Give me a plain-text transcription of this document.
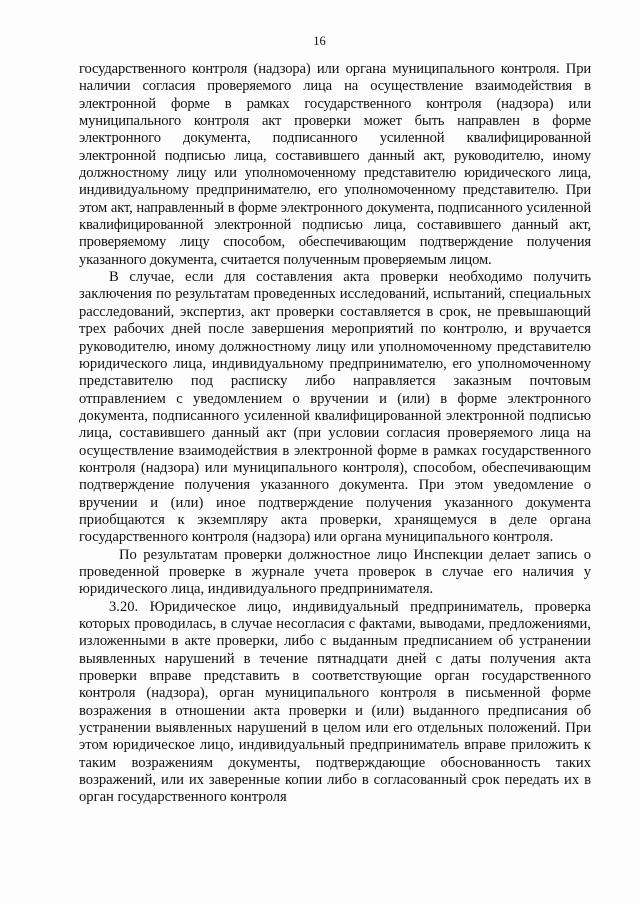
16

государственного контроля (надзора) или органа муниципального контроля. При наличии согласия проверяемого лица на осуществление взаимодействия в электронной форме в рамках государственного контроля (надзора) или муниципального контроля акт проверки может быть направлен в форме электронного документа, подписанного усиленной квалифицированной электронной подписью лица, составившего данный акт, руководителю, иному должностному лицу или уполномоченному представителю юридического лица, индивидуальному предпринимателю, его уполномоченному представителю. При этом акт, направленный в форме электронного документа, подписанного усиленной квалифицированной электронной подписью лица, составившего данный акт, проверяемому лицу способом, обеспечивающим подтверждение получения указанного документа, считается полученным проверяемым лицом.

В случае, если для составления акта проверки необходимо получить заключения по результатам проведенных исследований, испытаний, специальных расследований, экспертиз, акт проверки составляется в срок, не превышающий трех рабочих дней после завершения мероприятий по контролю, и вручается руководителю, иному должностному лицу или уполномоченному представителю юридического лица, индивидуальному предпринимателю, его уполномоченному представителю под расписку либо направляется заказным почтовым отправлением с уведомлением о вручении и (или) в форме электронного документа, подписанного усиленной квалифицированной электронной подписью лица, составившего данный акт (при условии согласия проверяемого лица на осуществление взаимодействия в электронной форме в рамках государственного контроля (надзора) или муниципального контроля), способом, обеспечивающим подтверждение получения указанного документа. При этом уведомление о вручении и (или) иное подтверждение получения указанного документа приобщаются к экземпляру акта проверки, хранящемуся в деле органа государственного контроля (надзора) или органа муниципального контроля.

По результатам проверки должностное лицо Инспекции делает запись о проведенной проверке в журнале учета проверок в случае его наличия у юридического лица, индивидуального предпринимателя.

3.20. Юридическое лицо, индивидуальный предприниматель, проверка которых проводилась, в случае несогласия с фактами, выводами, предложениями, изложенными в акте проверки, либо с выданным предписанием об устранении выявленных нарушений в течение пятнадцати дней с даты получения акта проверки вправе представить в соответствующие орган государственного контроля (надзора), орган муниципального контроля в письменной форме возражения в отношении акта проверки и (или) выданного предписания об устранении выявленных нарушений в целом или его отдельных положений. При этом юридическое лицо, индивидуальный предприниматель вправе приложить к таким возражениям документы, подтверждающие обоснованность таких возражений, или их заверенные копии либо в согласованный срок передать их в орган государственного контроля
